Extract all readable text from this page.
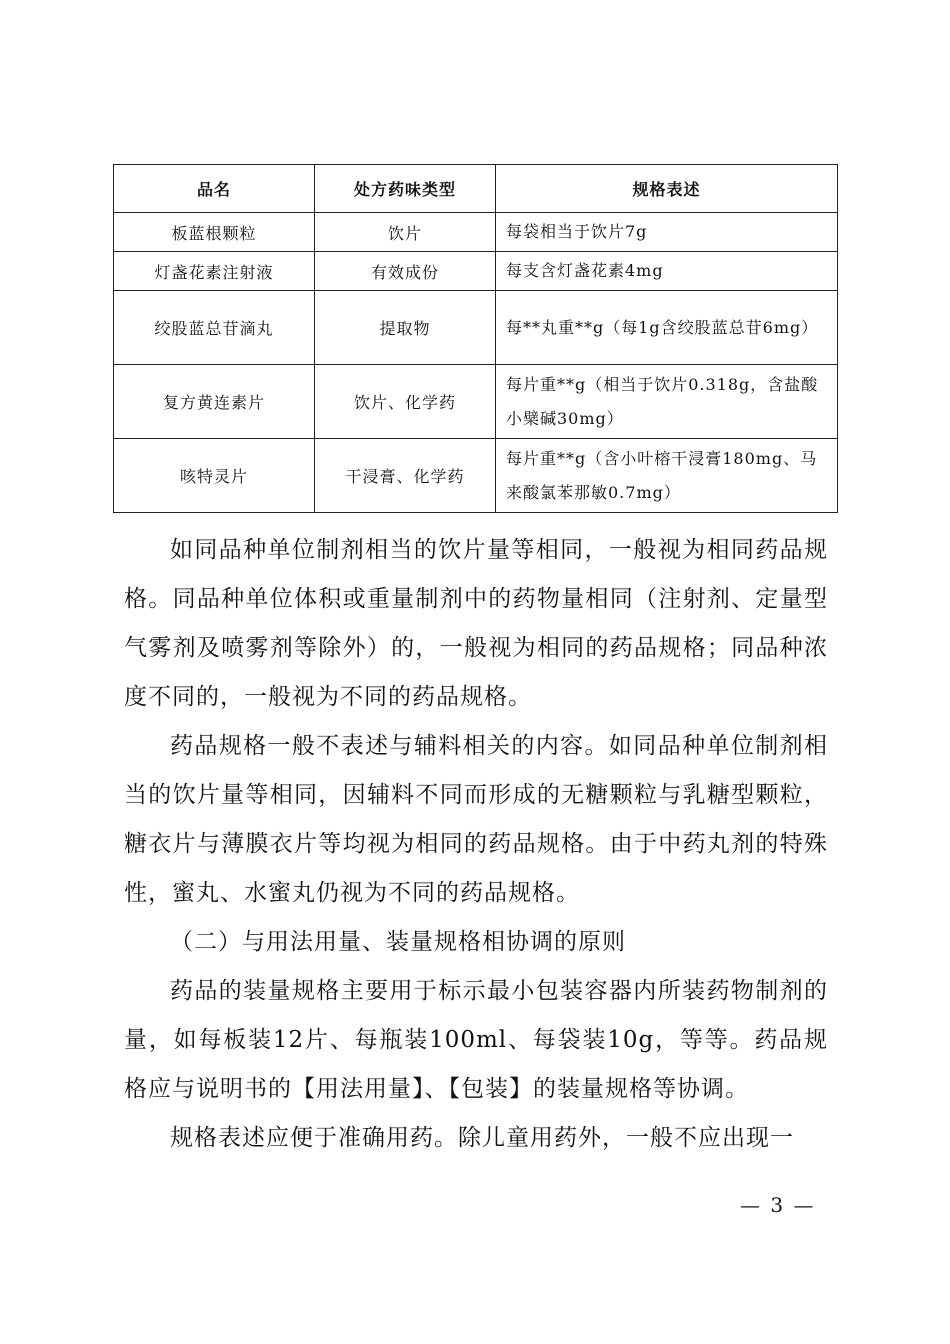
品名	处方药味类型	规格表述
板蓝根颗粒	饮片	每袋相当于饮片7g
灯盏花素注射液	有效成份	每支含灯盏花素4mg
绞股蓝总苷滴丸	提取物	每**丸重**g（每1g含绞股蓝总苷6mg）
复方黄连素片	饮片、化学药	每片重**g（相当于饮片0.318g，含盐酸小檗碱30mg）
咳特灵片	干浸膏、化学药	每片重**g（含小叶榕干浸膏180mg、马来酸氯苯那敏0.7mg）

如同品种单位制剂相当的饮片量等相同，一般视为相同药品规格。同品种单位体积或重量制剂中的药物量相同（注射剂、定量型气雾剂及喷雾剂等除外）的，一般视为相同的药品规格；同品种浓度不同的，一般视为不同的药品规格。

药品规格一般不表述与辅料相关的内容。如同品种单位制剂相当的饮片量等相同，因辅料不同而形成的无糖颗粒与乳糖型颗粒，糖衣片与薄膜衣片等均视为相同的药品规格。由于中药丸剂的特殊性，蜜丸、水蜜丸仍视为不同的药品规格。

（二）与用法用量、装量规格相协调的原则

药品的装量规格主要用于标示最小包装容器内所装药物制剂的量，如每板装12片、每瓶装100ml、每袋装10g，等等。药品规格应与说明书的【用法用量】、【包装】的装量规格等协调。

规格表述应便于准确用药。除儿童用药外，一般不应出现一

— 3 —
